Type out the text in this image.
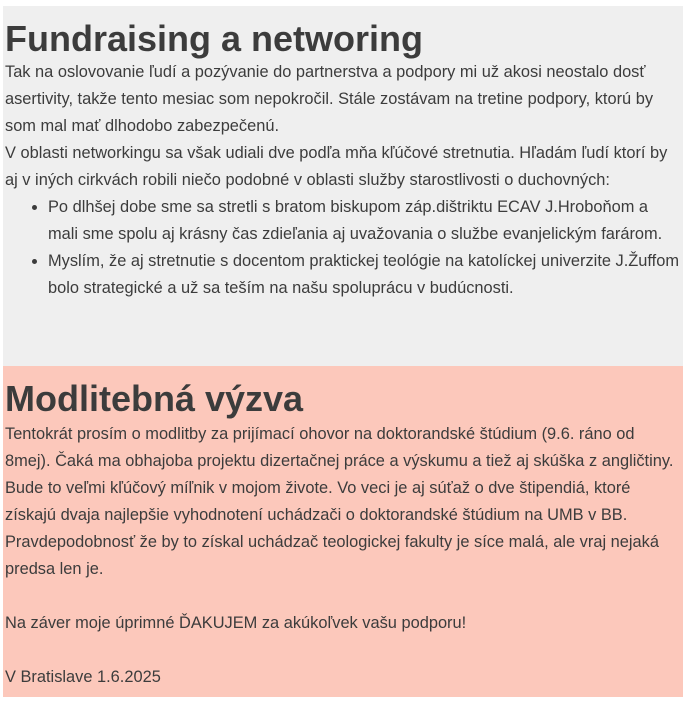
Fundraising a networing

Tak na oslovovanie ľudí a pozývanie do partnerstva a podpory mi už akosi neostalo dosť asertivity, takže tento mesiac som nepokročil. Stále zostávam na tretine podpory, ktorú by som mal mať dlhodobo zabezpečenú.

V oblasti networkingu sa však udiali dve podľa mňa kľúčové stretnutia. Hľadám ľudí ktorí by aj v iných cirkvách robili niečo podobné v oblasti služby starostlivosti o duchovných:

• Po dlhšej dobe sme sa stretli s bratom biskupom záp.dištriktu ECAV J.Hroboňom a mali sme spolu aj krásny čas zdieľania aj uvažovania o službe evanjelickým farárom.
• Myslím, že aj stretnutie s docentom praktickej teológie na katolíckej univerzite J.Žuffom bolo strategické a už sa teším na našu spoluprácu v budúcnosti.
Modlitebná výzva

Tentokrát prosím o modlitby za prijímací ohovor na doktorandské štúdium (9.6. ráno od 8mej). Čaká ma obhajoba projektu dizertačnej práce a výskumu a tiež aj skúška z angličtiny. Bude to veľmi kľúčový míľnik v mojom živote. Vo veci je aj súťaž o dve štipendiá, ktoré získajú dvaja najlepšie vyhodnotení uchádzači o doktorandské štúdium na UMB v BB. Pravdepodobnosť že by to získal uchádzač teologickej fakulty je síce malá, ale vraj nejaká predsa len je.

Na záver moje úprimné ĎAKUJEM za akúkoľvek vašu podporu!

V Bratislave 1.6.2025
